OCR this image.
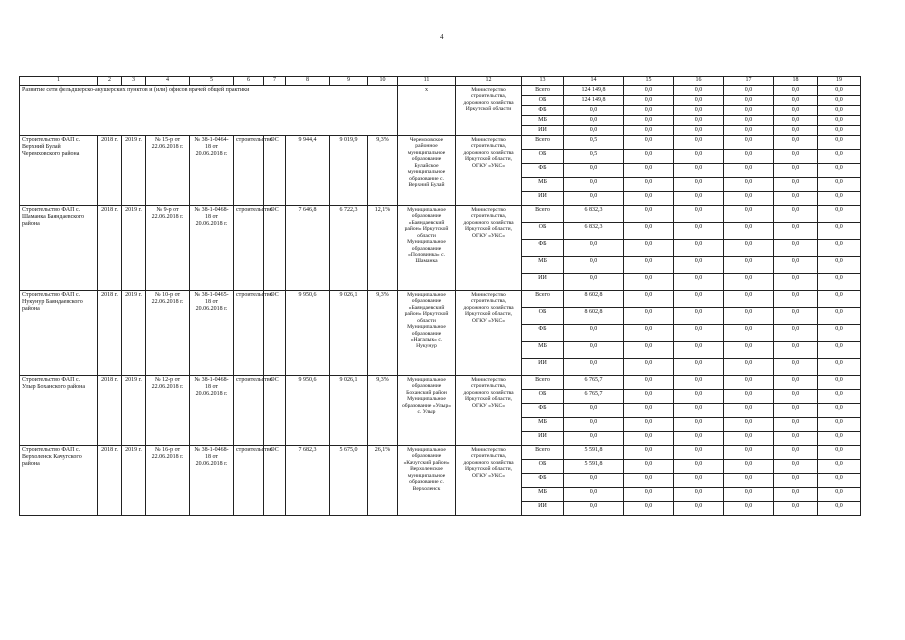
4
1	2	3	4	5	6	7	8	9	10	11	12	13	14	15	16	17	18	19
Развитие сети фельдшерско-акушерских пунктов и (или) офисов врачей общей практики										х	Министерство строительства, дорожного хозяйства Иркутской области	Всего	124 149,8	0,0	0,0	0,0	0,0	0,0
												ОБ	124 149,8	0,0	0,0	0,0	0,0	0,0
												ФБ	0,0	0,0	0,0	0,0	0,0	0,0
												МБ	0,0	0,0	0,0	0,0	0,0	0,0
												ИИ	0,0	0,0	0,0	0,0	0,0	0,0
Строительство ФАП с. Верхний Булай Черемховского района	2018 г.	2019 г.	№ 15-р от 22.06.2018 г.	№ 38-1-0464-18 от 20.06.2018 г.	строительство	ОС	9 944,4	9 019,9	9,3%	Черемховское районное муниципальное образование Булайское муниципальное образование с. Верхний Булай	Министерство строительства, дорожного хозяйства Иркутской области, ОГКУ «УКС»	Всего	0,5	0,0	0,0	0,0	0,0	0,0
												ОБ	0,5	0,0	0,0	0,0	0,0	0,0
												ФБ	0,0	0,0	0,0	0,0	0,0	0,0
												МБ	0,0	0,0	0,0	0,0	0,0	0,0
												ИИ	0,0	0,0	0,0	0,0	0,0	0,0
Строительство ФАП с. Шаманка Баяндаевского района	2018 г.	2019 г.	№ 9-р от 22.06.2018 г.	№ 38-1-0468-18 от 20.06.2018 г.	строительство	ОС	7 646,8	6 722,3	12,1%	Муниципальное образование «Баяндаевский район» Иркутской области Муниципальное образование «Половинка» с. Шаманка	Министерство строительства, дорожного хозяйства Иркутской области, ОГКУ «УКС»	Всего	6 832,3	0,0	0,0	0,0	0,0	0,0
												ОБ	6 832,3	0,0	0,0	0,0	0,0	0,0
												ФБ	0,0	0,0	0,0	0,0	0,0	0,0
												МБ	0,0	0,0	0,0	0,0	0,0	0,0
												ИИ	0,0	0,0	0,0	0,0	0,0	0,0
Строительство ФАП с. Нукунур Баяндаевского района	2018 г.	2019 г.	№ 10-р от 22.06.2018 г.	№ 38-1-0465-18 от 20.06.2018 г.	строительство	ОС	9 950,6	9 026,1	9,3%	Муниципальное образование «Баяндаевский район» Иркутской области Муниципальное образование «Нагалык» с. Нукунур	Министерство строительства, дорожного хозяйства Иркутской области, ОГКУ «УКС»	Всего	8 602,8	0,0	0,0	0,0	0,0	0,0
												ОБ	8 602,8	0,0	0,0	0,0	0,0	0,0
												ФБ	0,0	0,0	0,0	0,0	0,0	0,0
												МБ	0,0	0,0	0,0	0,0	0,0	0,0
												ИИ	0,0	0,0	0,0	0,0	0,0	0,0
Строительство ФАП с. Улыр Боханского района	2018 г.	2019 г.	№ 12-р от 22.06.2018 г.	№ 38-1-0468-18 от 20.06.2018 г.	строительство	ОС	9 950,6	9 026,1	9,3%	Муниципальное образование Боханский район Муниципальное образование «Улыр» с. Улыр	Министерство строительства, дорожного хозяйства Иркутской области, ОГКУ «УКС»	Всего	6 765,7	0,0	0,0	0,0	0,0	0,0
												ОБ	6 765,7	0,0	0,0	0,0	0,0	0,0
												ФБ	0,0	0,0	0,0	0,0	0,0	0,0
												МБ	0,0	0,0	0,0	0,0	0,0	0,0
												ИИ	0,0	0,0	0,0	0,0	0,0	0,0
Строительство ФАП с. Верхоленск Качугского района	2018 г.	2019 г.	№ 16-р от 22.06.2018 г.	№ 38-1-0468-18 от 20.06.2018 г.	строительство	ОС	7 682,3	5 675,0	26,1%	Муниципальное образование «Качугский район» Верхоленское муниципальное образование с. Верхоленск	Министерство строительства, дорожного хозяйства Иркутской области, ОГКУ «УКС»	Всего	5 591,8	0,0	0,0	0,0	0,0	0,0
												ОБ	5 591,8	0,0	0,0	0,0	0,0	0,0
												ФБ	0,0	0,0	0,0	0,0	0,0	0,0
												МБ	0,0	0,0	0,0	0,0	0,0	0,0
												ИИ	0,0	0,0	0,0	0,0	0,0	0,0
